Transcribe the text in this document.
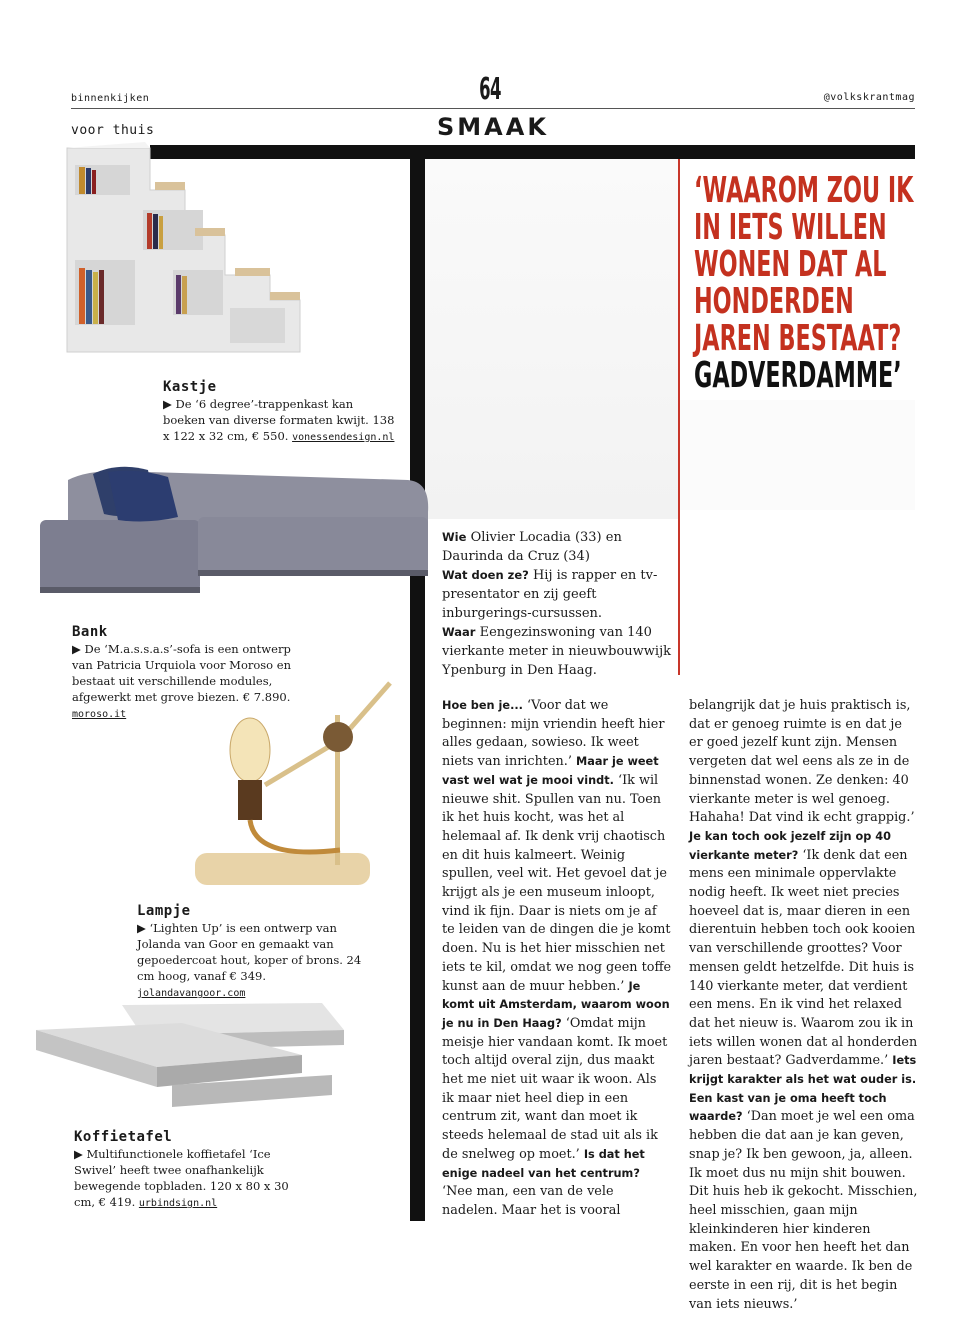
binnenkijken	64	@volkskrantmag
voor thuis	SMAAK
‘WAAROM ZOU IK IN IETS WILLEN WONEN DAT AL HONDERDEN JAREN BESTAAT?
GADVERDAMME’
Kastje
▶ De ‘6 degree’-trappenkast kan boeken van diverse formaten kwijt. 138 x 122 x 32 cm, € 550. vonessendesign.nl
Bank
▶ De ‘M.a.s.s.a.s’-sofa is een ontwerp van Patricia Urquiola voor Moroso en bestaat uit verschillende modules, afgewerkt met grove biezen. € 7.890. moroso.it
Lampje
▶ ‘Lighten Up’ is een ontwerp van Jolanda van Goor en gemaakt van gepoedercoat hout, koper of brons. 24 cm hoog, vanaf € 349. jolandavangoor.com
Koffietafel
▶ Multifunctionele koffietafel ‘Ice Swivel’ heeft twee onafhankelijk bewegende topbladen. 120 x 80 x 30 cm, € 419. urbindsign.nl
Wie Olivier Locadia (33) en Daurinda da Cruz (34)
Wat doen ze? Hij is rapper en tv-presentator en zij geeft inburgerings-cursussen.
Waar Eengezinswoning van 140 vierkante meter in nieuwbouwwijk Ypenburg in Den Haag.
Hoe ben je... ‘Voor dat we beginnen: mijn vriendin heeft hier alles gedaan, sowieso. Ik weet niets van inrichten.’ Maar je weet vast wel wat je mooi vindt. ‘Ik wil nieuwe shit. Spullen van nu. Toen ik het huis kocht, was het al helemaal af. Ik denk vrij chaotisch en dit huis kalmeert. Weinig spullen, veel wit. Het gevoel dat je krijgt als je een museum inloopt, vind ik fijn. Daar is niets om je af te leiden van de dingen die je komt doen. Nu is het hier misschien net iets te kil, omdat we nog geen toffe kunst aan de muur hebben.’ Je komt uit Amsterdam, waarom woon je nu in Den Haag? ‘Omdat mijn meisje hier vandaan komt. Ik moet toch altijd overal zijn, dus maakt het me niet uit waar ik woon. Als ik maar niet heel diep in een centrum zit, want dan moet ik steeds helemaal de stad uit als ik de snelweg op moet.’ Is dat het enige nadeel van het centrum? ‘Nee man, een van de vele nadelen. Maar het is vooral
belangrijk dat je huis praktisch is, dat er genoeg ruimte is en dat je er goed jezelf kunt zijn. Mensen vergeten dat wel eens als ze in de binnenstad wonen. Ze denken: 40 vierkante meter is wel genoeg. Hahaha! Dat vind ik echt grappig.’ Je kan toch ook jezelf zijn op 40 vierkante meter? ‘Ik denk dat een mens een minimale oppervlakte nodig heeft. Ik weet niet precies hoeveel dat is, maar dieren in een dierentuin hebben toch ook kooien van verschillende groottes? Voor mensen geldt hetzelfde. Dit huis is 140 vierkante meter, dat verdient een mens. En ik vind het relaxed dat het nieuw is. Waarom zou ik in iets willen wonen dat al honderden jaren bestaat? Gadverdamme.’ Iets krijgt karakter als het wat ouder is. Een kast van je oma heeft toch waarde? ‘Dan moet je wel een oma hebben die dat aan je kan geven, snap je? Ik ben gewoon, ja, alleen. Ik moet dus nu mijn shit bouwen. Dit huis heb ik gekocht. Misschien, heel misschien, gaan mijn kleinkinderen hier kinderen maken. En voor hen heeft het dan wel karakter en waarde. Ik ben de eerste in een rij, dit is het begin van iets nieuws.’
